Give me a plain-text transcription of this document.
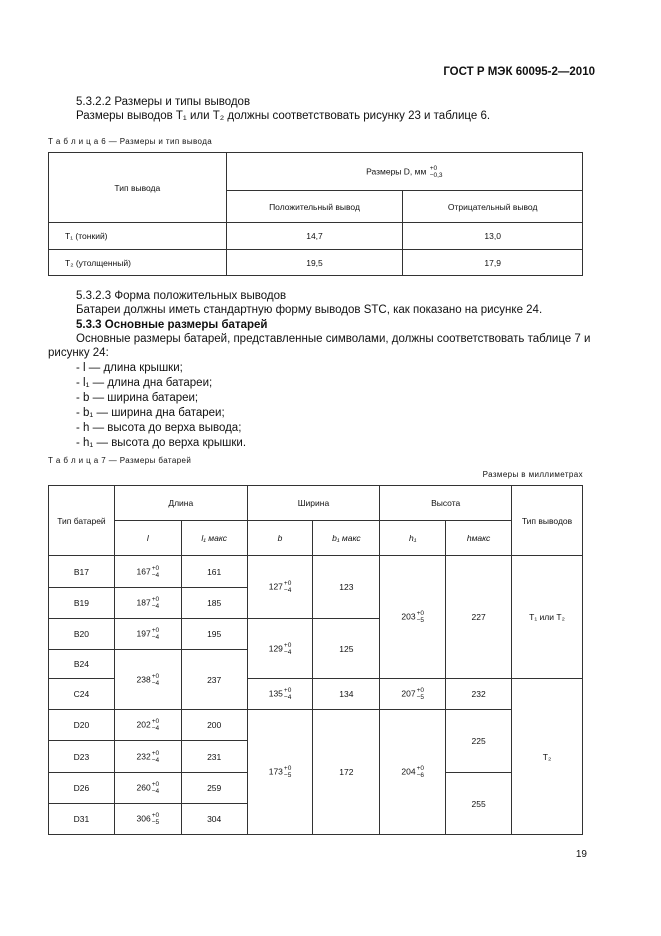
ГОСТ Р МЭК 60095-2—2010
5.3.2.2 Размеры и типы выводов
Размеры выводов T₁ или T₂ должны соответствовать рисунку 23 и таблице 6.
Т а б л и ц а 6 — Размеры и тип вывода
Тип вывода	Размеры D, мм +0
−0,3	
	Положительный вывод	Отрицательный вывод
T₁ (тонкий)	14,7	13,0
T₂ (утолщенный)	19,5	17,9
5.3.2.3 Форма положительных выводов
Батареи должны иметь стандартную форму выводов STC, как показано на рисунке 24.
5.3.3 Основные размеры батарей
Основные размеры батарей, представленные символами, должны соответствовать таблице 7 и
рисунку 24:
- l — длина крышки;
- l₁ — длина дна батареи;
- b — ширина батареи;
- b₁ — ширина дна батареи;
- h — высота до верха вывода;
- h₁ — высота до верха крышки.
Т а б л и ц а 7 — Размеры батарей
Размеры в миллиметрах
Тип батарей	Длина		Ширина		Высота		Тип выводов
	l	l₁ макс	b	b₁ макс	h₁	hмакс	
B17	167+0
−4	161	127+0
−4	123	203+0
−5	227	T₁ или T₂
B19	187+0
−4	185					
B20	197+0
−4	195	129+0
−4	125			
B24	238+0
−4	237					
C24			135+0
−4	134	207+0
−5	232	T₂
D20	202+0
−4	200	173+0
−5	172	204+0
−6	225	
D23	232+0
−4	231					
D26	260+0
−4	259				255	
D31	306+0
−5	304					
19
